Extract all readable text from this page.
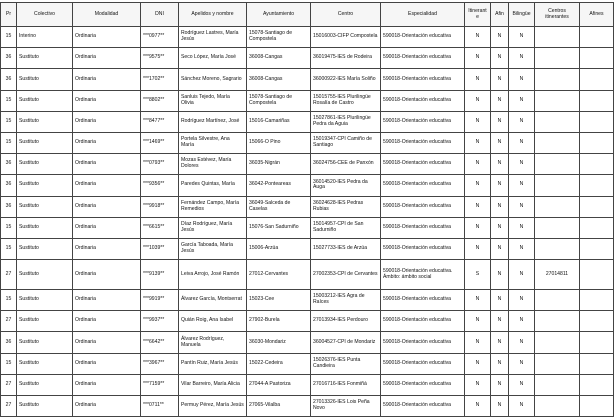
Pr	Colectivo	Modalidad	DNI	Apelidos y nombre	Ayuntamiento	Centro	Especialidad	Itinerante	Afin	Bilingüe	Centros itinerantes	Afines
15	Interino	Ordinaria	***0977**	Rodríguez Lastres, María Jesús	15078-Santiago de Compostela	15016003-CIFP Compostela	590018-Orientación educativa	N	N	N		
36	Sustituto	Ordinaria	***9575**	Seco López, María José	36008-Cangas	36019475-IES de Rodeira	590018-Orientación educativa	N	N	N		
36	Sustituto	Ordinaria	***1702**	Sánchez Moreno, Sagrario	36008-Cangas	36000922-IES María Soliño	590018-Orientación educativa	N	N	N		
15	Sustituto	Ordinaria	***8802**	Sanluis Tejedo, María Olivia	15078-Santiago de Compostela	15015755-IES Plurilingüe Rosalía de Castro	590018-Orientación educativa	N	N	N		
15	Sustituto	Ordinaria	***8477**	Rodríguez Martínez, José	15016-Camariñas	15027861-IES Plurilingüe Pedra da Aguia	590018-Orientación educativa	N	N	N		
15	Sustituto	Ordinaria	***1469**	Portela Silvestre, Ana María	15066-O Pino	15019347-CPI Camiño de Santiago	590018-Orientación educativa	N	N	N		
36	Sustituto	Ordinaria	***0793**	Mozas Estévez, María Dolores	36035-Nigrán	36024756-CEE de Panxón	590018-Orientación educativa	N	N	N		
36	Sustituto	Ordinaria	***9356**	Paredes Quintas, María	36042-Ponteareas	36014520-IES Pedra da Auga	590018-Orientación educativa	N	N	N		
36	Sustituto	Ordinaria	***9918**	Fernández Campo, María Remedios	36049-Salceda de Caselas	36024628-IES Pedras Rubias	590018-Orientación educativa	N	N	N		
15	Sustituto	Ordinaria	***6615**	Díaz Rodríguez, María Jesús	15076-San Sadurniño	15014957-CPI de San Sadurniño	590018-Orientación educativa	N	N	N		
15	Sustituto	Ordinaria	***1039**	García Taboada, María Jesús	15006-Arzúa	15027733-IES de Arzúa	590018-Orientación educativa	N	N	N		
27	Sustituto	Ordinaria	***9139**	Leiva Arrojo, José Ramón	27012-Cervantes	27002353-CPI de Cervantes	590018-Orientación educativa. Ámbito: ámbito social	S	N	N	27014811	
15	Sustituto	Ordinaria	***9919**	Álvarez García, Montserrat	15023-Cee	15003212-IES Agra de Raíces	590018-Orientación educativa	N	N	N		
27	Sustituto	Ordinaria	***9937**	Quián Roig, Ana Isabel	27902-Burela	27013934-IES Perdouro	590018-Orientación educativa	N	N	N		
36	Sustituto	Ordinaria	***6642**	Álvarez Rodríguez, Manuela	36030-Mondariz	36004527-CPI de Mondariz	590018-Orientación educativa	N	N	N		
15	Sustituto	Ordinaria	***3967**	Pantín Ruiz, María Jesús	15022-Cedeira	15026376-IES Punta Candieira	590018-Orientación educativa	N	N	N		
27	Sustituto	Ordinaria	***7159**	Vilar Barreiro, María Alicia	27044-A Pastoriza	27016716-IES Fonmiñá	590018-Orientación educativa	N	N	N		
27	Sustituto	Ordinaria	***0711**	Permuy Pérez, María Jesús	27065-Vilalba	27013326-IES Lois Peña Novo	590018-Orientación educativa	N	N	N		
